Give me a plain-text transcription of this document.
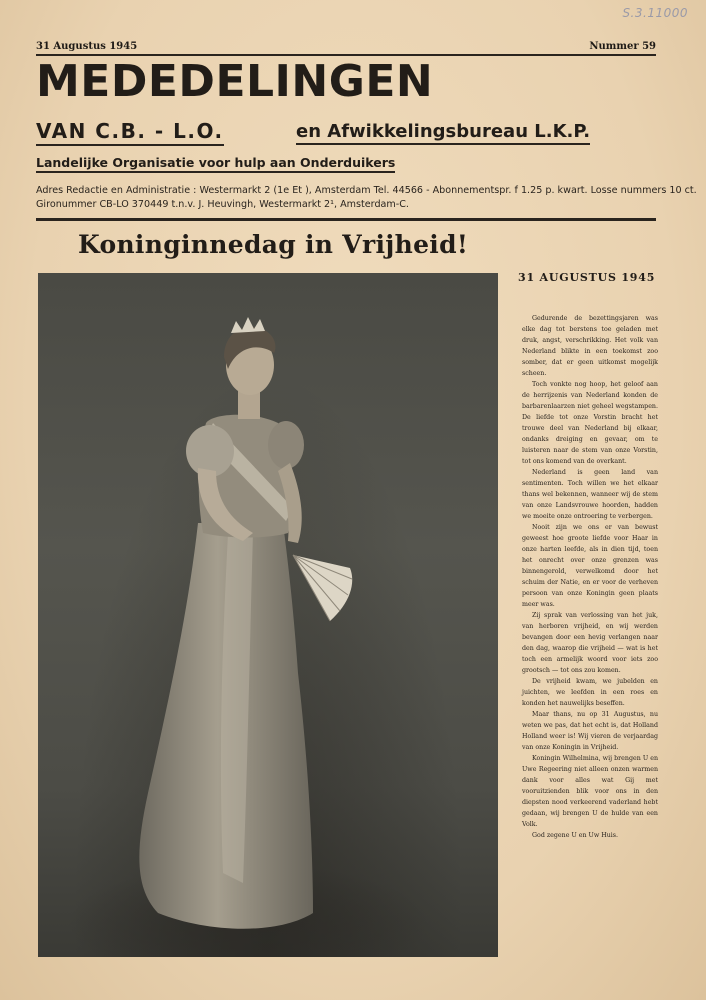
S.3.11000
31 Augustus 1945	Nummer 59
MEDEDELINGEN
VAN C.B. - L.O.	en Afwikkelingsbureau L.K.P.
Landelijke Organisatie voor hulp aan Onderduikers
Adres Redactie en Administratie : Westermarkt 2 (1e Et ), Amsterdam Tel. 44566 - Abonnementspr. f 1.25 p. kwart. Losse nummers 10 ct.
Gironummer CB-LO 370449 t.n.v. J. Heuvingh, Westermarkt 2¹, Amsterdam-C.
Koninginnedag in Vrijheid!
31 AUGUSTUS 1945

Gedurende de bezettingsjaren was elke dag tot berstens toe geladen met druk, angst, verschrikking. Het volk van Nederland blikte in een toekomst zoo somber, dat er geen uitkomst mogelijk scheen.

Toch vonkte nog hoop, het geloof aan de herrijzenis van Nederland konden de barbarenlaarzen niet geheel wegstampen. De liefde tot onze Vorstin bracht het trouwe deel van Nederland bij elkaar, ondanks dreiging en gevaar, om te luisteren naar de stem van onze Vorstin, tot ons komend van de overkant.

Nederland is geen land van sentimenten. Toch willen we het elkaar thans wel bekennen, wanneer wij de stem van onze Landsvrouwe hoorden, hadden we moeite onze ontroering te verbergen.

Nooit zijn we ons er van bewust geweest hoe groote liefde voor Haar in onze harten leefde, als in dien tijd, toen het onrecht over onze grenzen was binnengerold, verwelkomd door het schuim der Natie, en er voor de verheven persoon van onze Koningin geen plaats meer was.

Zij sprak van verlossing van het juk, van herboren vrijheid, en wij werden bevangen door een hevig verlangen naar den dag, waarop die vrijheid — wat is het toch een armelijk woord voor iets zoo grootsch — tot ons zou komen.

De vrijheid kwam, we jubelden en juichten, we leefden in een roes en konden het nauwelijks beseffen.

Maar thans, nu op 31 Augustus, nu weten we pas, dat het echt is, dat Holland Holland weer is! Wij vieren de verjaardag van onze Koningin in Vrijheid.

Koningin Wilhelmina, wij brengen U en Uwe Regeering niet alleen onzen warmen dank voor alles wat Gij met vooruitzienden blik voor ons in den diepsten nood verkeerend vaderland hebt gedaan, wij brengen U de hulde van een Volk.

God zegene U en Uw Huis.
